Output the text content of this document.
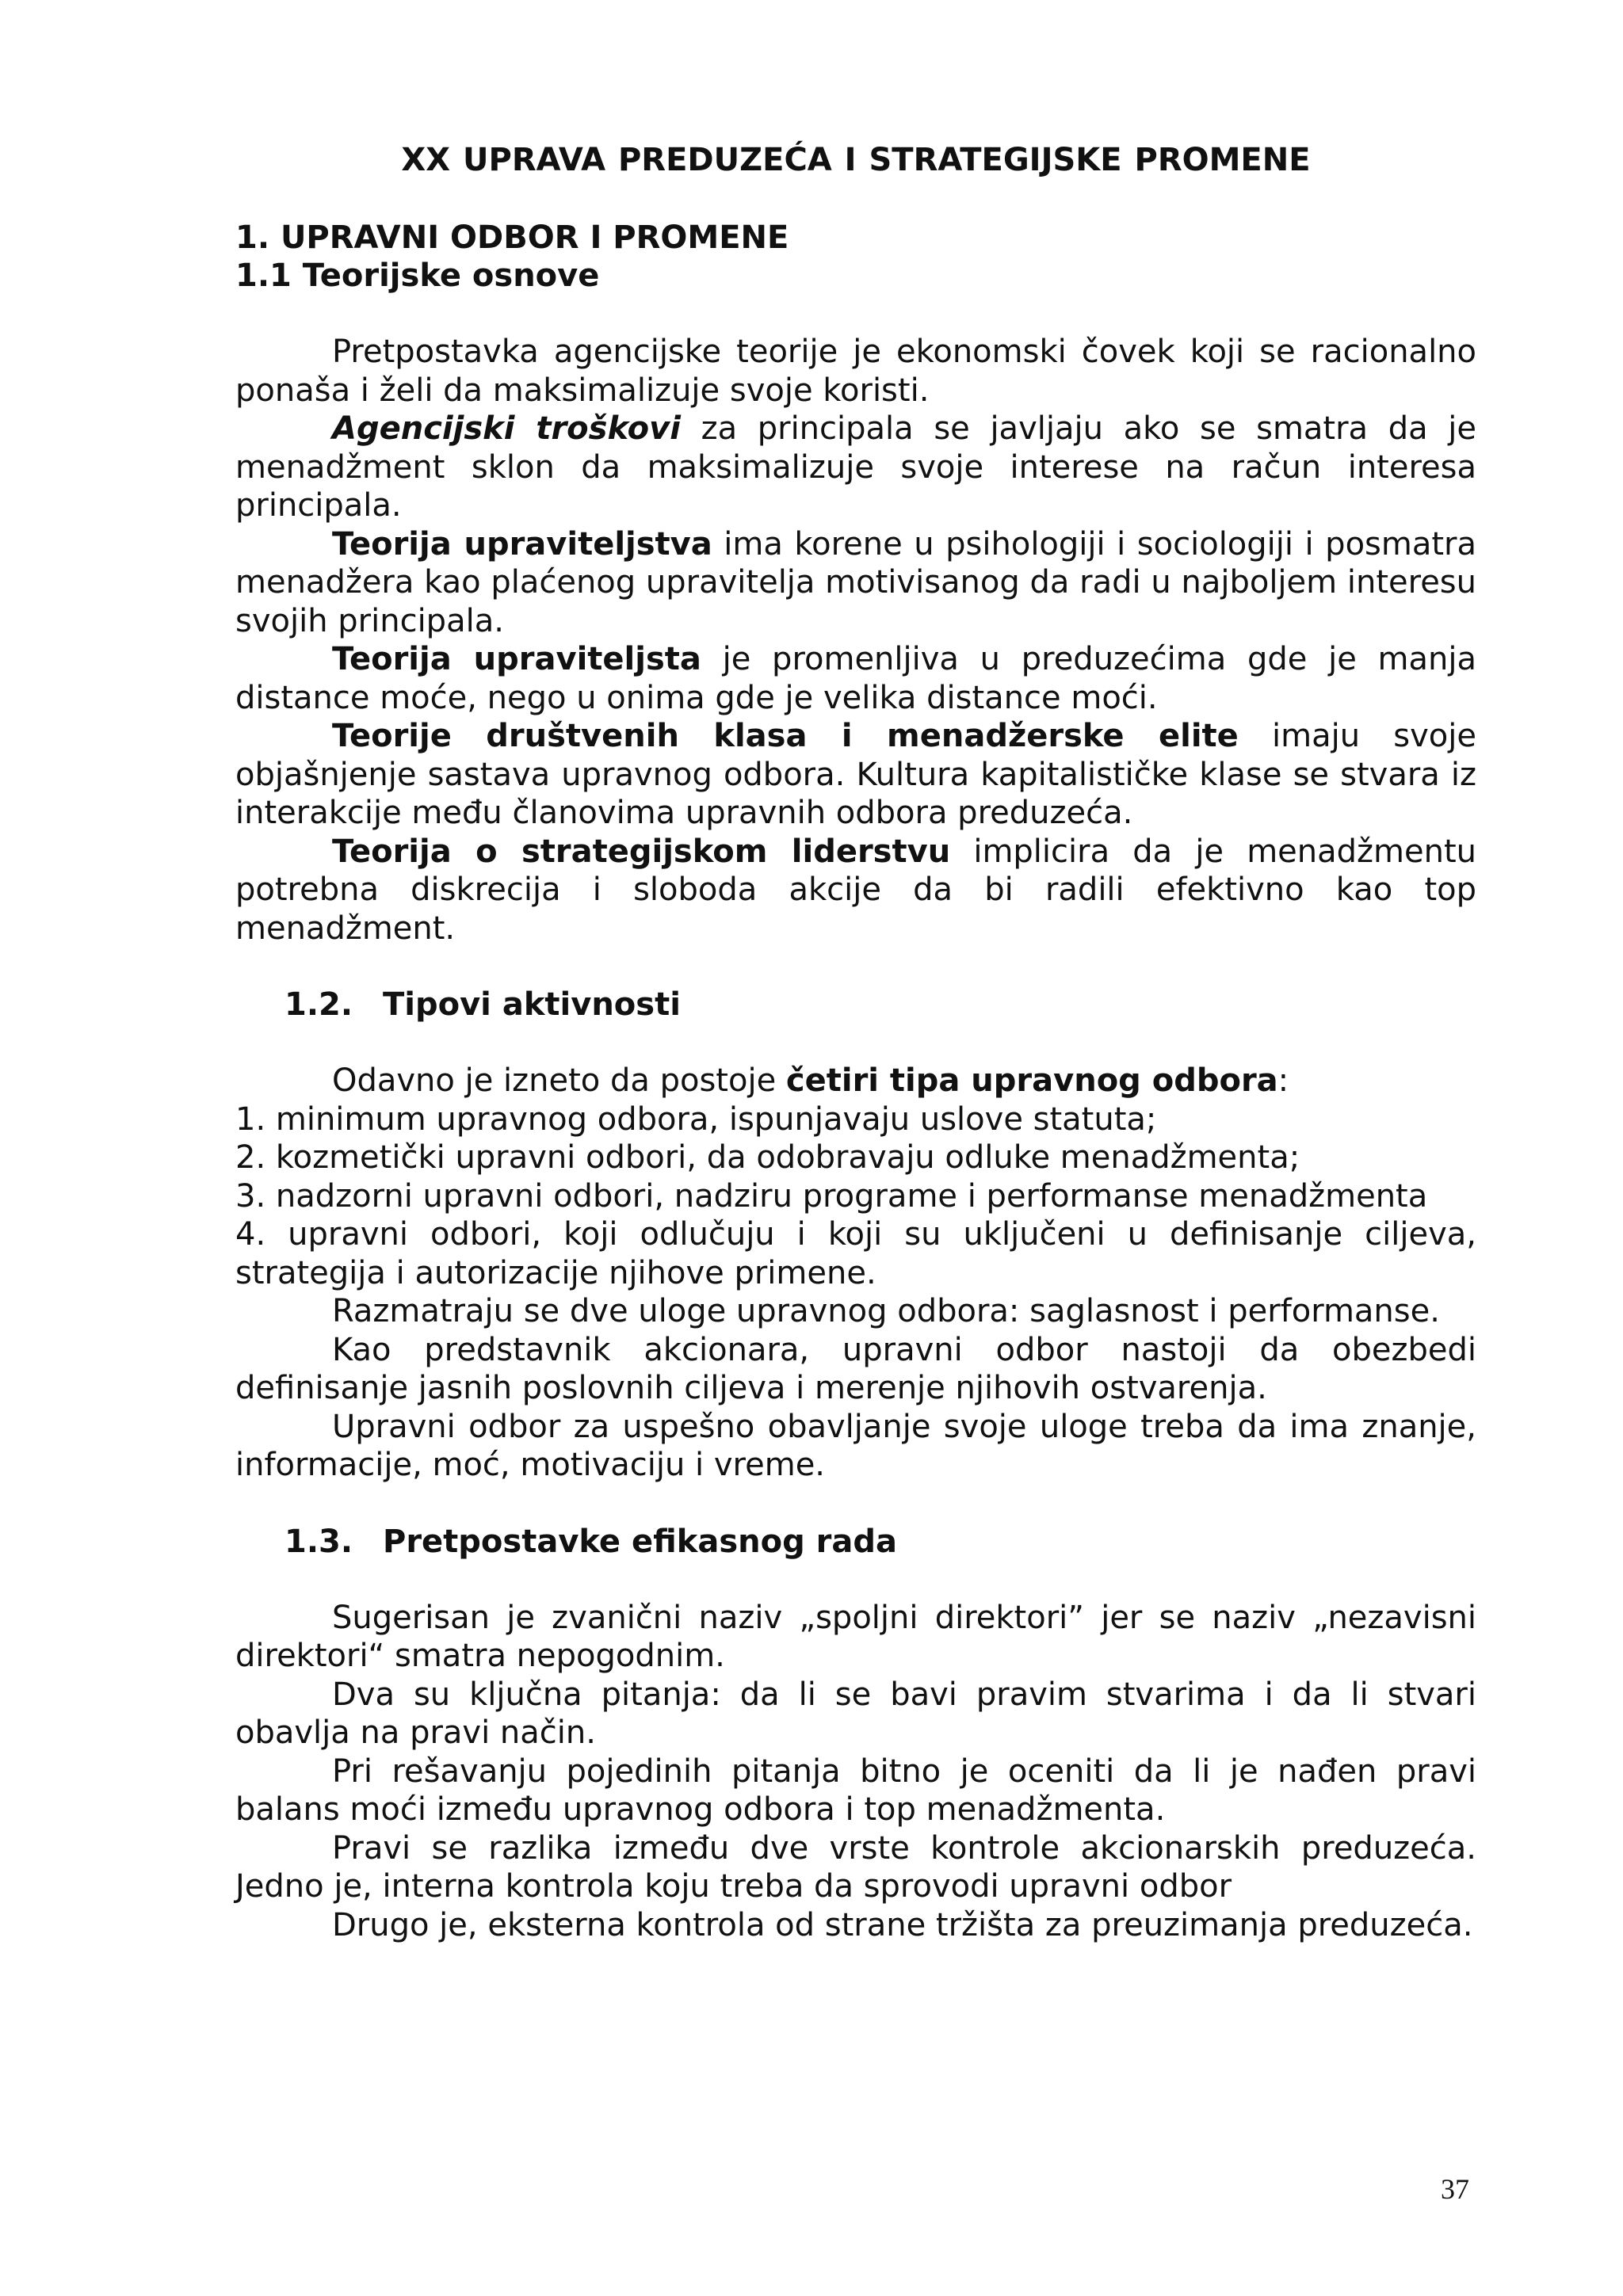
XX UPRAVA PREDUZEĆA I STRATEGIJSKE PROMENE
1. UPRAVNI ODBOR I PROMENE
1.1 Teorijske osnove

Pretpostavka agencijske teorije je ekonomski čovek koji se racionalno ponaša i želi da maksimalizuje svoje koristi.

Agencijski troškovi za principala se javljaju ako se smatra da je menadžment sklon da maksimalizuje svoje interese na račun interesa principala.

Teorija upraviteljstva ima korene u psihologiji i sociologiji i posmatra menadžera kao plaćenog upravitelja motivisanog da radi u najboljem interesu svojih principala.

Teorija upraviteljsta je promenljiva u preduzećima gde je manja distance moće, nego u onima gde je velika distance moći.

Teorije društvenih klasa i menadžerske elite imaju svoje objašnjenje sastava upravnog odbora. Kultura kapitalističke klase se stvara iz interakcije među članovima upravnih odbora preduzeća.

Teorija o strategijskom liderstvu implicira da je menadžmentu potrebna diskrecija i sloboda akcije da bi radili efektivno kao top menadžment.

1.2. Tipovi aktivnosti

Odavno je izneto da postoje četiri tipa upravnog odbora:

1. minimum upravnog odbora, ispunjavaju uslove statuta;

2. kozmetički upravni odbori, da odobravaju odluke menadžmenta;

3. nadzorni upravni odbori, nadziru programe i performanse menadžmenta

4. upravni odbori, koji odlučuju i koji su uključeni u definisanje ciljeva, strategija i autorizacije njihove primene.

Razmatraju se dve uloge upravnog odbora: saglasnost i performanse.

Kao predstavnik akcionara, upravni odbor nastoji da obezbedi definisanje jasnih poslovnih ciljeva i merenje njihovih ostvarenja.

Upravni odbor za uspešno obavljanje svoje uloge treba da ima znanje, informacije, moć, motivaciju i vreme.

1.3. Pretpostavke efikasnog rada

Sugerisan je zvanični naziv „spoljni direktori” jer se naziv „nezavisni direktori“ smatra nepogodnim.

Dva su ključna pitanja: da li se bavi pravim stvarima i da li stvari obavlja na pravi način.

Pri rešavanju pojedinih pitanja bitno je oceniti da li je nađen pravi balans moći između upravnog odbora i top menadžmenta.

Pravi se razlika između dve vrste kontrole akcionarskih preduzeća. Jedno je, interna kontrola koju treba da sprovodi upravni odbor

Drugo je, eksterna kontrola od strane tržišta za preuzimanja preduzeća.

37
